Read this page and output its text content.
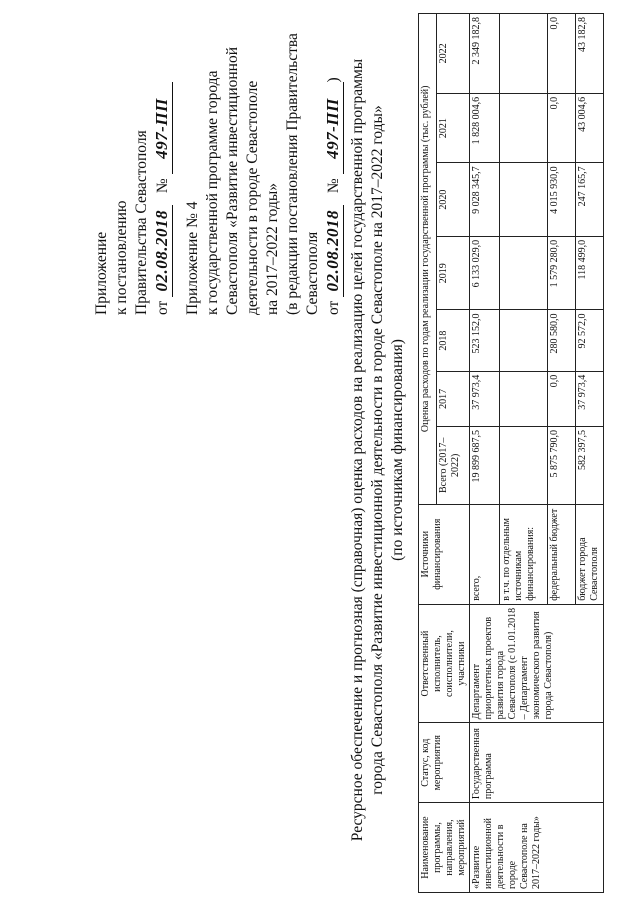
Приложение к постановлению Правительства Севастополя от 02.08.2018   № 497-ПП
Приложение № 4 к государственной программе города Севастополя «Развитие инвестиционной деятельности в городе Севастополе на 2017–2022 годы» (в редакции постановления Правительства Севастополя от 02.08.2018   № 497-ПП) Ресурсное обеспечение и прогнозная (справочная) оценка расходов на реализацию целей государственной программы города Севастополя «Развитие инвестиционной деятельности в городе Севастополе на 2017–2022 годы» (по источникам финансирования)
Наименование программы, направления, мероприятий	Статус, код мероприятия	Ответственный исполнитель, соисполнители, участники	Источники финансирования	Оценка расходов по годам реализации государственной программы (тыс. рублей)						
				Всего (2017–2022)	2017	2018	2019	2020	2021	2022
«Развитие инвестиционной деятельности в городе Севастополе на 2017–2022 годы»	Государственная программа	Департамент приоритетных проектов развития города Севастополя (с 01.01.2018 – Департамент экономического развития города Севастополя)	всего,	19 899 687,5	37 973,4	523 152,0	6 133 029,0	9 028 345,7	1 828 004,6	2 349 182,8
			в т.ч. по отдельным источникам финансирования:							
			федеральный бюджет	5 875 790,0	0,0	280 580,0	1 579 280,0	4 015 930,0	0,0	0,0
			бюджет города Севастополя	582 397,5	37 973,4	92 572,0	118 499,0	247 165,7	43 004,6	43 182,8
